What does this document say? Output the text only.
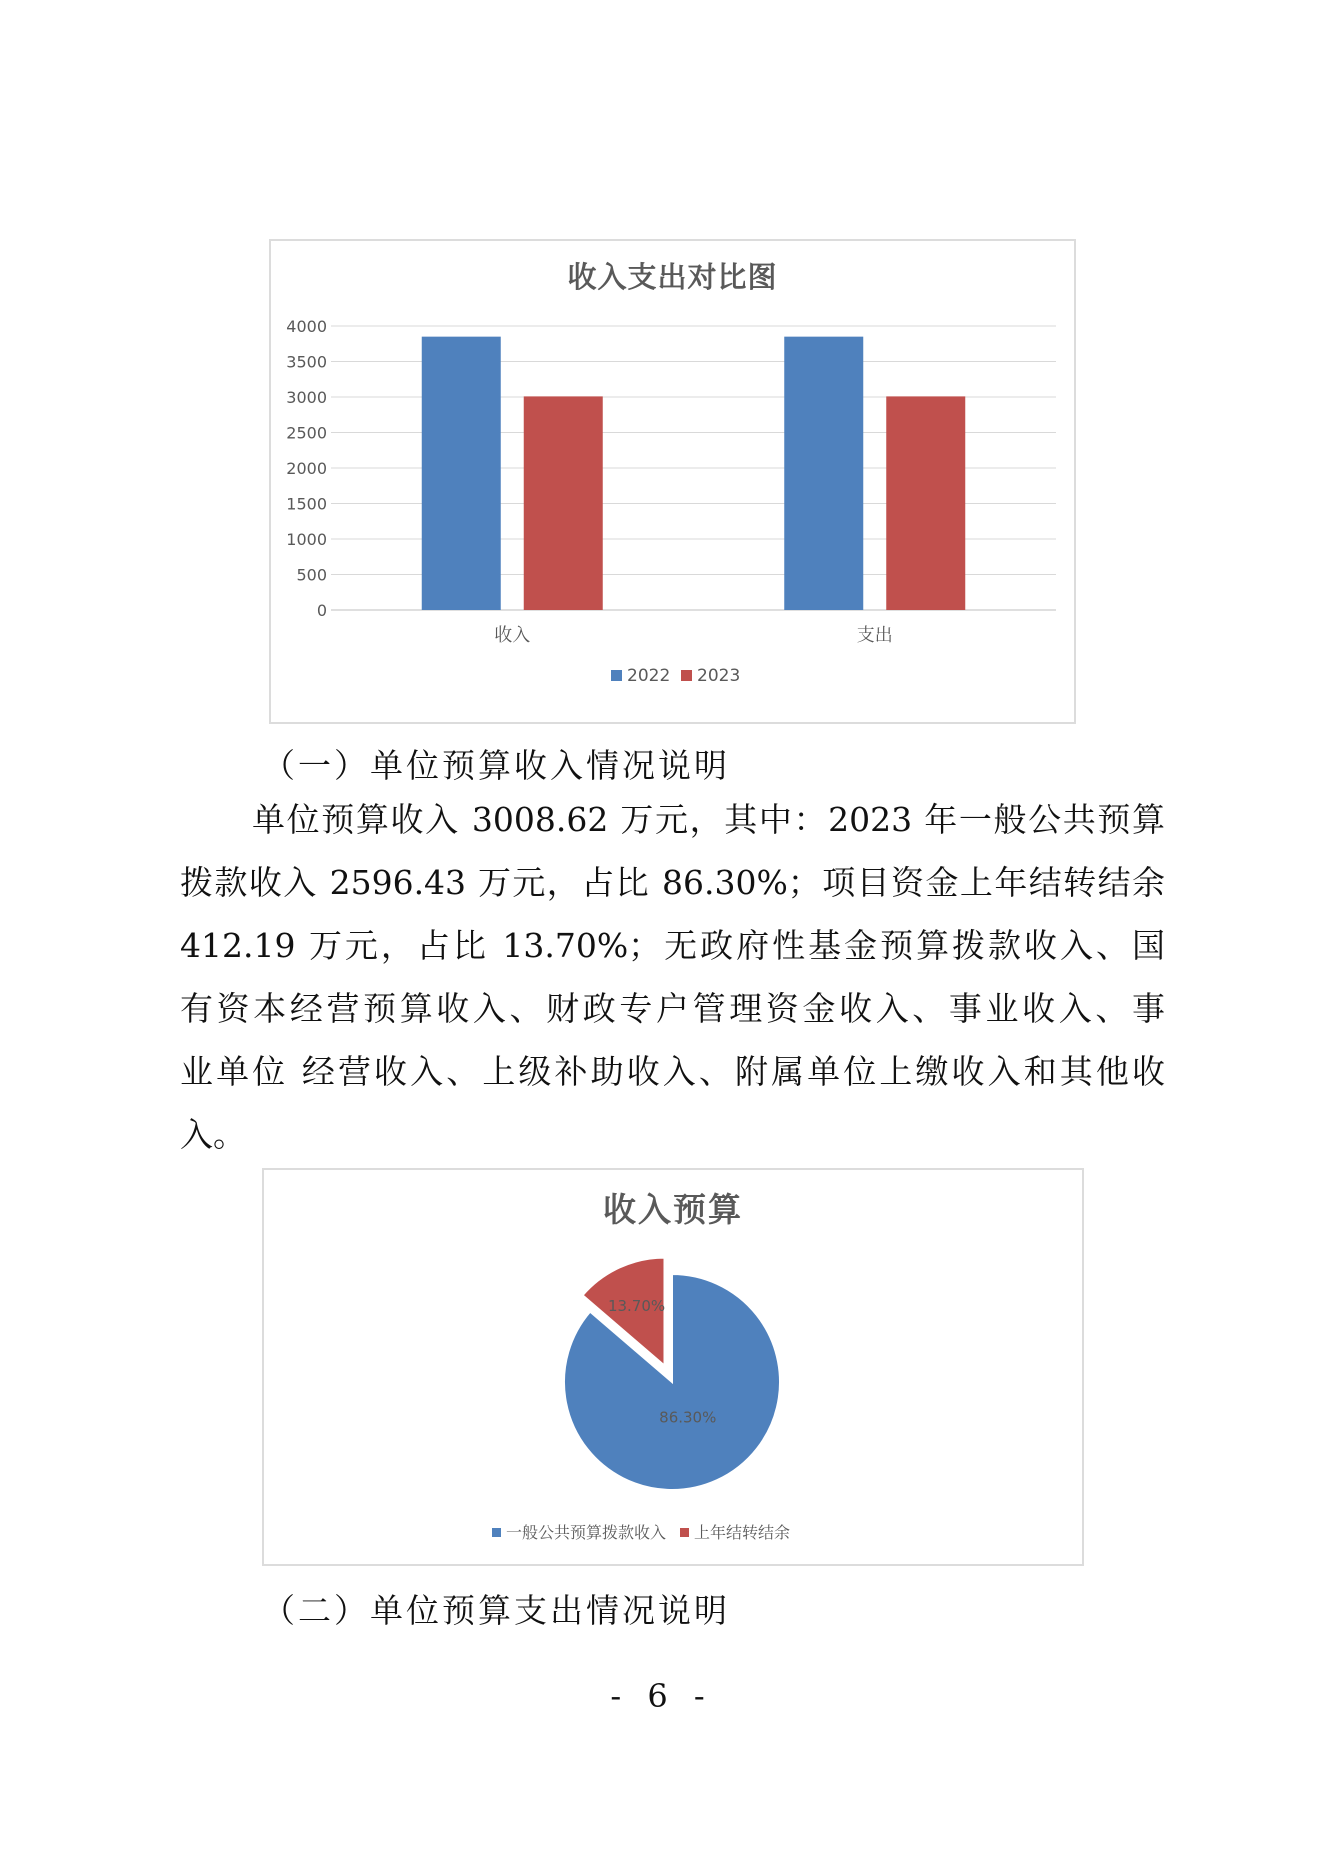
收入支出对比图
0
500
1000
1500
2000
2500
3000
3500
4000
收入	支出
2022 2023
（一）单位预算收入情况说明

单位预算收入 3008.62 万元，其中：2023 年一般公共预算

拨款收入 2596.43 万元，占比 86.30%；项目资金上年结转结余

412.19 万元，占比 13.70%；无政府性基金预算拨款收入、国

有资本经营预算收入、财政专户管理资金收入、事业收入、事

业单位 经营收入、上级补助收入、附属单位上缴收入和其他收

入。

收入预算
86.30%
13.70%
一般公共预算拨款收入 上年结转结余
（二）单位预算支出情况说明
- 6 -
